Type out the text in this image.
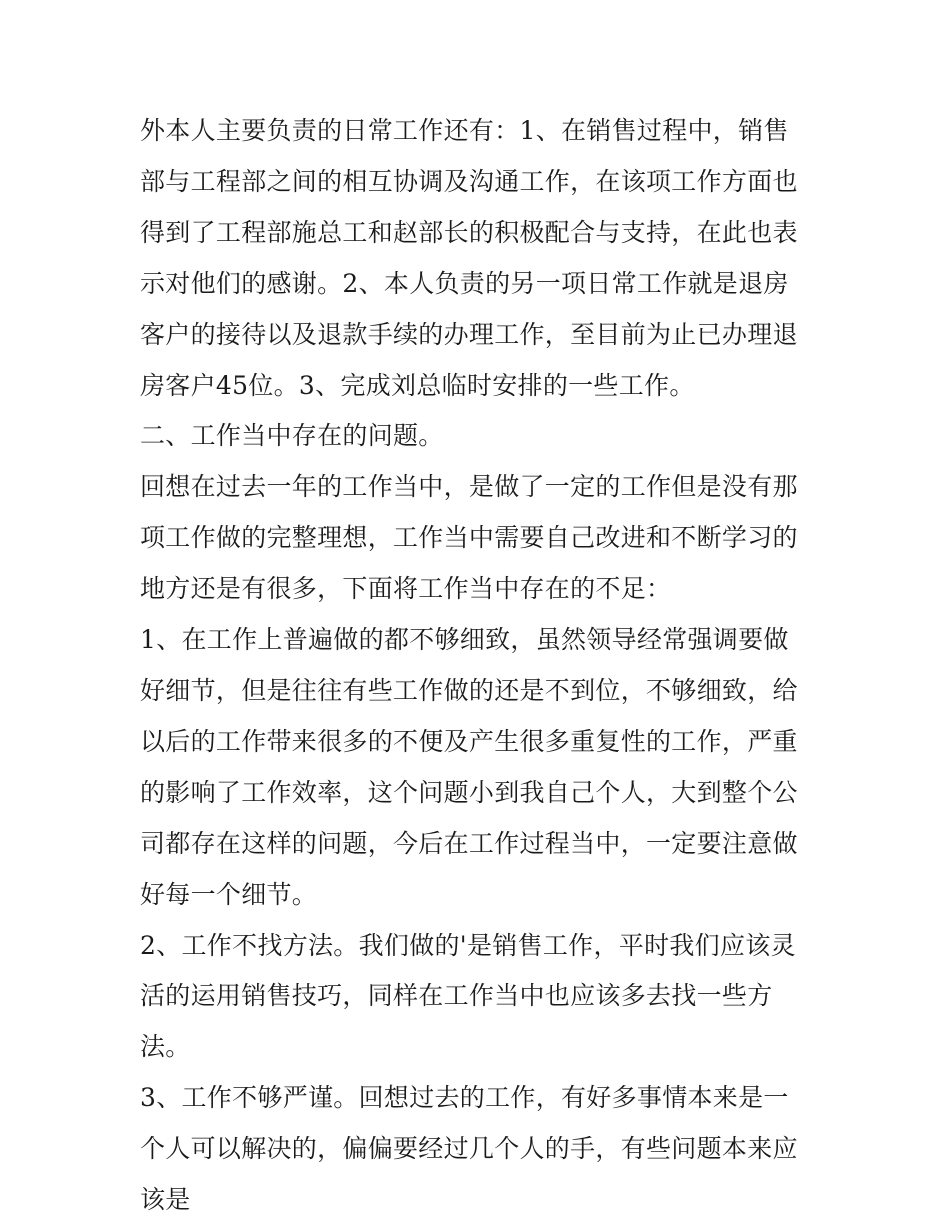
外本人主要负责的日常工作还有：1、在销售过程中，销售部与工程部之间的相互协调及沟通工作，在该项工作方面也得到了工程部施总工和赵部长的积极配合与支持，在此也表示对他们的感谢。2、本人负责的另一项日常工作就是退房客户的接待以及退款手续的办理工作，至目前为止已办理退房客户45位。3、完成刘总临时安排的一些工作。

二、工作当中存在的问题。

回想在过去一年的工作当中，是做了一定的工作但是没有那项工作做的完整理想，工作当中需要自己改进和不断学习的地方还是有很多，下面将工作当中存在的不足：

1、在工作上普遍做的都不够细致，虽然领导经常强调要做好细节，但是往往有些工作做的还是不到位，不够细致，给以后的工作带来很多的不便及产生很多重复性的工作，严重的影响了工作效率，这个问题小到我自己个人，大到整个公司都存在这样的问题，今后在工作过程当中，一定要注意做好每一个细节。

2、工作不找方法。我们做的'是销售工作，平时我们应该灵活的运用销售技巧，同样在工作当中也应该多去找一些方法。

3、工作不够严谨。回想过去的工作，有好多事情本来是一个人可以解决的，偏偏要经过几个人的手，有些问题本来应该是
